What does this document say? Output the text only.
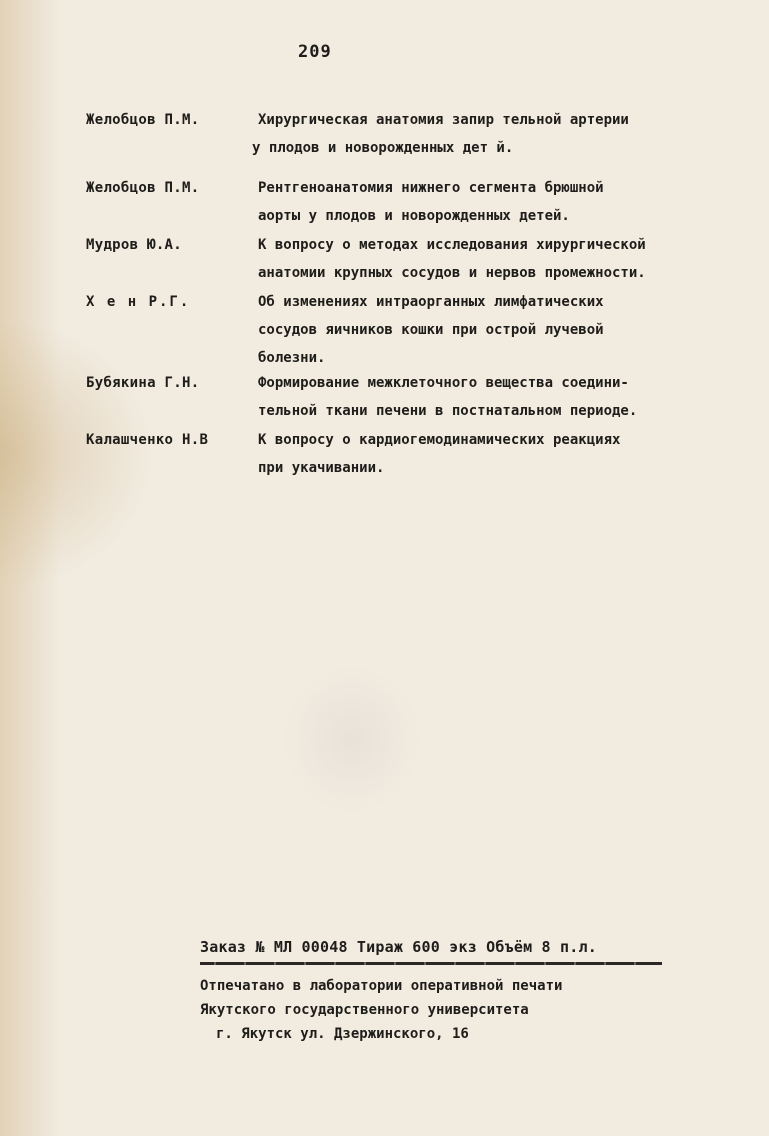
209
Желобцов П.М.	Хирургическая анатомия запир тельной артерии
у плодов и новорожденных дет й.
Желобцов П.М.	Рентгеноанатомия нижнего сегмента брюшной
аорты у плодов и новорожденных детей.
Мудров Ю.А.	К вопросу о методах исследования хирургической
анатомии крупных сосудов и нервов промежности.
Х е н Р.Г.	Об изменениях интраорганных лимфатических
сосудов яичников кошки при острой лучевой
болезни.
Бубякина Г.Н.	Формирование межклеточного вещества соедини-
тельной ткани печени в постнатальном периоде.
Калашченко Н.В	К вопросу о кардиогемодинамических реакциях
при укачивании.
Заказ № МЛ 00048 Тираж 600 экз Объём 8 п.л.
Отпечатано в лаборатории оперативной печати
Якутского государственного университета
г. Якутск ул. Дзержинского, 16
